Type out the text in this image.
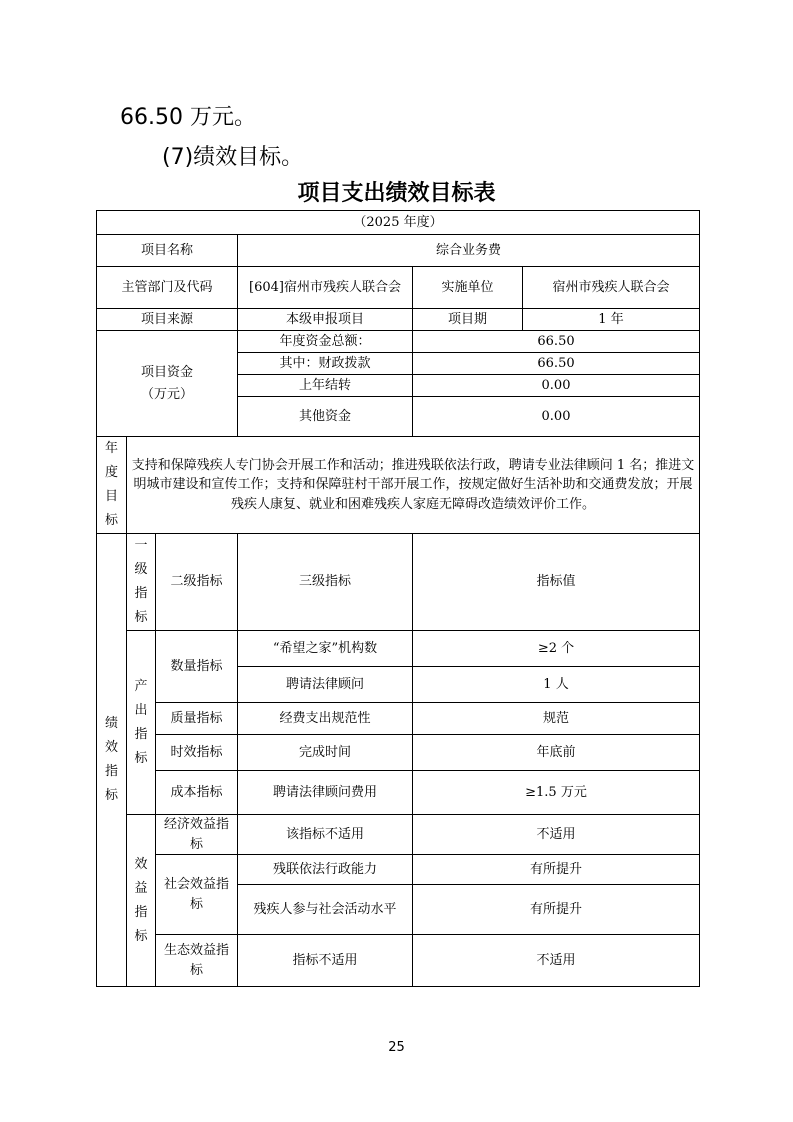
66.50 万元。
(7)绩效目标。
项目支出绩效目标表
（2025 年度）					
项目名称			综合业务费		
主管部门及代码			[604]宿州市残疾人联合会	实施单位	宿州市残疾人联合会
项目来源			本级申报项目	项目期	1 年
项目资金（万元）			年度资金总额：	66.50	
			其中：财政拨款	66.50	
			上年结转	0.00	
			其他资金	0.00	
年度目标	支持和保障残疾人专门协会开展工作和活动；推进残联依法行政，聘请专业法律顾问 1 名；推进文明城市建设和宣传工作；支持和保障驻村干部开展工作，按规定做好生活补助和交通费发放；开展残疾人康复、就业和困难残疾人家庭无障碍改造绩效评价工作。				
绩效指标	一级指标	二级指标	三级指标	指标值	
	产出指标	数量指标	“希望之家”机构数	≥2 个	
			聘请法律顾问	1 人	
		质量指标	经费支出规范性	规范	
		时效指标	完成时间	年底前	
		成本指标	聘请法律顾问费用	≥1.5 万元	
	效益指标	经济效益指标	该指标不适用	不适用	
		社会效益指标	残联依法行政能力	有所提升	
			残疾人参与社会活动水平	有所提升	
		生态效益指标	指标不适用	不适用	
25
